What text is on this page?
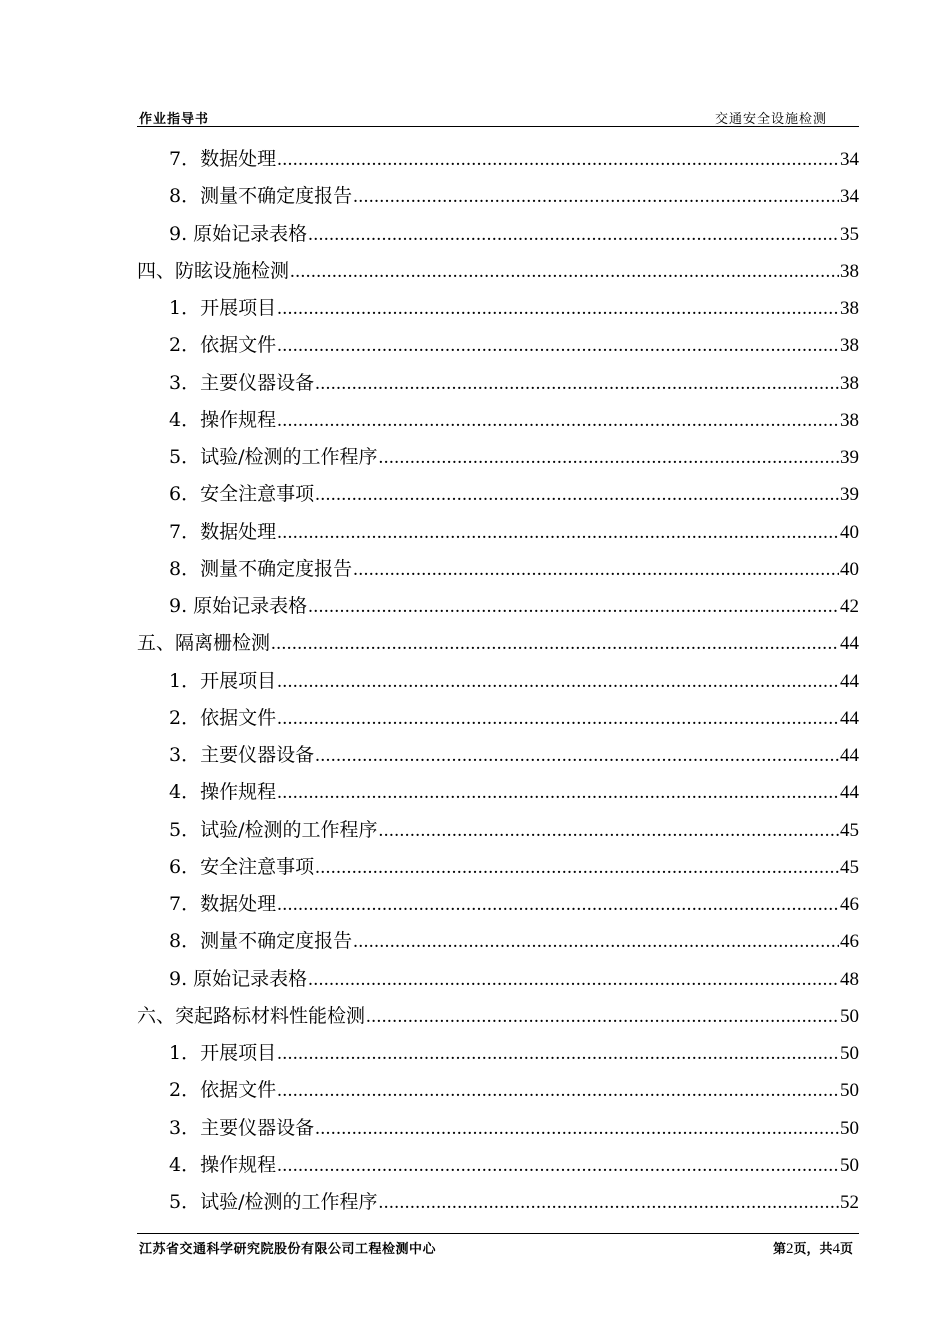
作业指导书	交通安全设施检测
7．数据处理 .....	34
8．测量不确定度报告 .....	34
9. 原始记录表格 .....	35
四、防眩设施检测 .....	38
1．开展项目 .....	38
2．依据文件 .....	38
3．主要仪器设备 .....	38
4．操作规程 .....	38
5．试验/检测的工作程序 .....	39
6．安全注意事项 .....	39
7．数据处理 .....	40
8．测量不确定度报告 .....	40
9. 原始记录表格 .....	42
五、隔离栅检测 .....	44
1．开展项目 .....	44
2．依据文件 .....	44
3．主要仪器设备 .....	44
4．操作规程 .....	44
5．试验/检测的工作程序 .....	45
6．安全注意事项 .....	45
7．数据处理 .....	46
8．测量不确定度报告 .....	46
9. 原始记录表格 .....	48
六、突起路标材料性能检测 .....	50
1．开展项目 .....	50
2．依据文件 .....	50
3．主要仪器设备 .....	50
4．操作规程 .....	50
5．试验/检测的工作程序 .....	52
江苏省交通科学研究院股份有限公司工程检测中心	第2页，共4页
